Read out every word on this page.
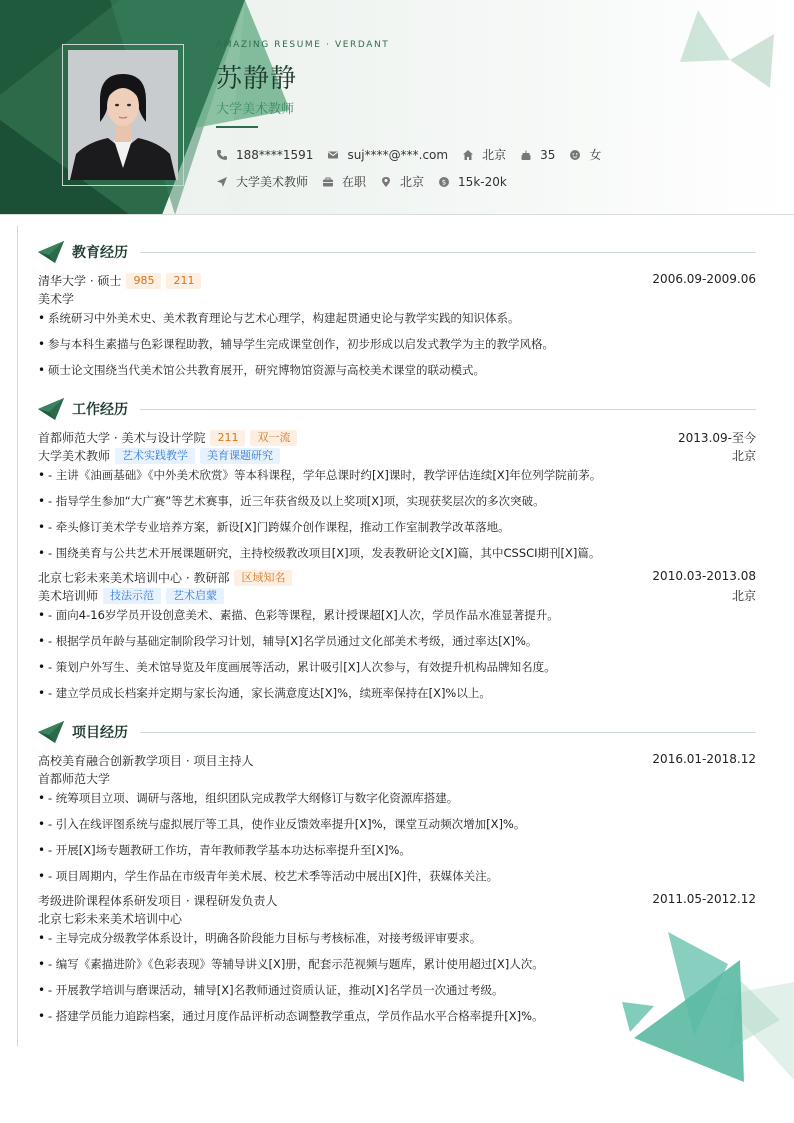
AMAZING RESUME · VERDANT
苏静静
大学美术教师
188****1591	suj****@***.com	北京	35	女
大学美术教师	在职	北京	$ 15k-20k
教育经历
清华大学 · 硕士	985	211	2006.09-2009.06
美术学
• 系统研习中外美术史、美术教育理论与艺术心理学，构建起贯通史论与教学实践的知识体系。
• 参与本科生素描与色彩课程助教，辅导学生完成课堂创作，初步形成以启发式教学为主的教学风格。
• 硕士论文围绕当代美术馆公共教育展开，研究博物馆资源与高校美术课堂的联动模式。
工作经历
首都师范大学 · 美术与设计学院	211	双一流	2013.09-至今
大学美术教师	艺术实践教学	美育课题研究	北京
• - 主讲《油画基础》《中外美术欣赏》等本科课程，学年总课时约[X]课时，教学评估连续[X]年位列学院前茅。
• - 指导学生参加“大广赛”等艺术赛事，近三年获省级及以上奖项[X]项，实现获奖层次的多次突破。
• - 牵头修订美术学专业培养方案，新设[X]门跨媒介创作课程，推动工作室制教学改革落地。
• - 围绕美育与公共艺术开展课题研究，主持校级教改项目[X]项，发表教研论文[X]篇，其中CSSCI期刊[X]篇。
北京七彩未来美术培训中心 · 教研部	区域知名	2010.03-2013.08
美术培训师	技法示范	艺术启蒙	北京
• - 面向4-16岁学员开设创意美术、素描、色彩等课程，累计授课超[X]人次，学员作品水准显著提升。
• - 根据学员年龄与基础定制阶段学习计划，辅导[X]名学员通过文化部美术考级，通过率达[X]%。
• - 策划户外写生、美术馆导览及年度画展等活动，累计吸引[X]人次参与，有效提升机构品牌知名度。
• - 建立学员成长档案并定期与家长沟通，家长满意度达[X]%，续班率保持在[X]%以上。
项目经历
高校美育融合创新教学项目 · 项目主持人	2016.01-2018.12
首都师范大学
• - 统筹项目立项、调研与落地，组织团队完成教学大纲修订与数字化资源库搭建。
• - 引入在线评图系统与虚拟展厅等工具，使作业反馈效率提升[X]%，课堂互动频次增加[X]%。
• - 开展[X]场专题教研工作坊，青年教师教学基本功达标率提升至[X]%。
• - 项目周期内，学生作品在市级青年美术展、校艺术季等活动中展出[X]件，获媒体关注。
考级进阶课程体系研发项目 · 课程研发负责人	2011.05-2012.12
北京七彩未来美术培训中心
• - 主导完成分级教学体系设计，明确各阶段能力目标与考核标准，对接考级评审要求。
• - 编写《素描进阶》《色彩表现》等辅导讲义[X]册，配套示范视频与题库，累计使用超过[X]人次。
• - 开展教学培训与磨课活动，辅导[X]名教师通过资质认证，推动[X]名学员一次通过考级。
• - 搭建学员能力追踪档案，通过月度作品评析动态调整教学重点，学员作品水平合格率提升[X]%。
